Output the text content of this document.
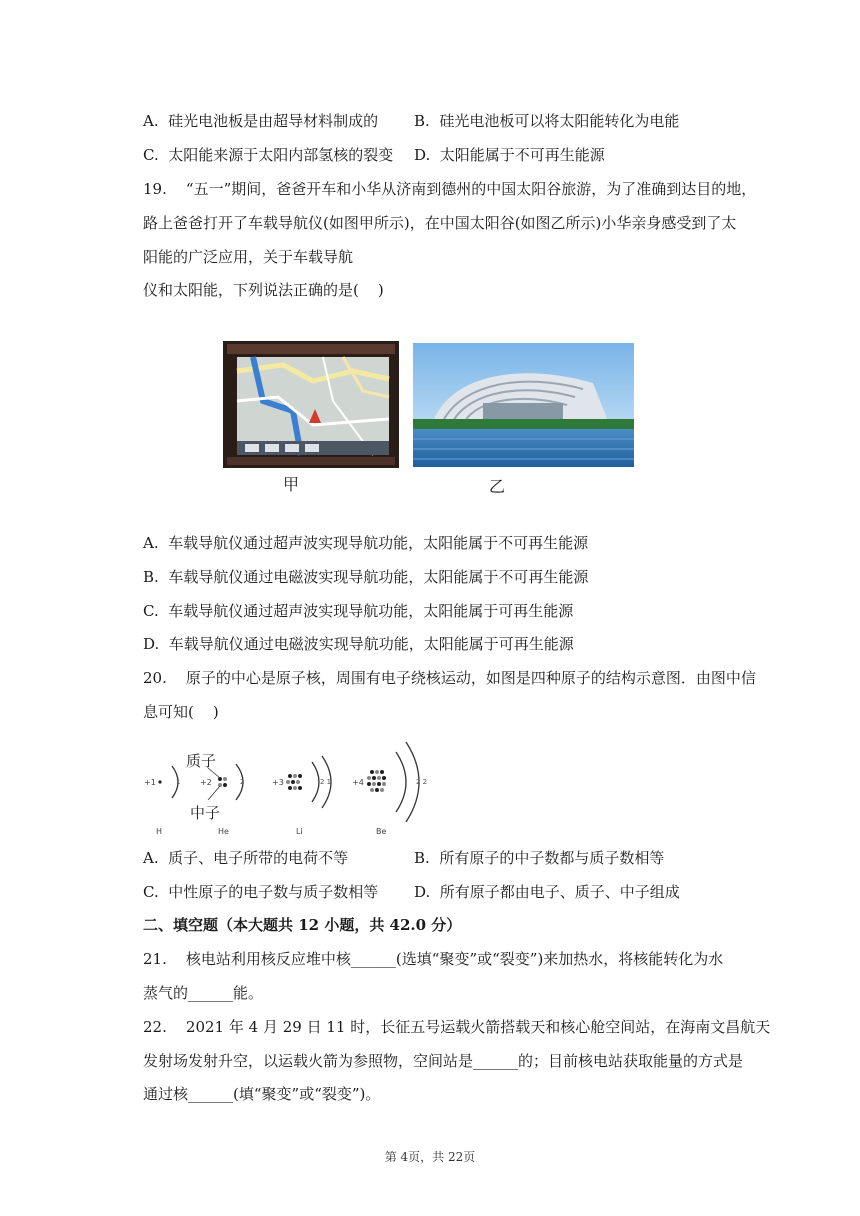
A.  硅光电池板是由超导材料制成的 B.  硅光电池板可以将太阳能转化为电能
C.  太阳能来源于太阳内部氢核的裂变 D.  太阳能属于不可再生能源
19.    “五一”期间，爸爸开车和小华从济南到德州的中国太阳谷旅游，为了准确到达目的地，
路上爸爸打开了车载导航仪(如图甲所示)，在中国太阳谷(如图乙所示)小华亲身感受到了太
阳能的广泛应用，关于车载导航
仪和太阳能，下列说法正确的是(    )
甲	乙
A.  车载导航仪通过超声波实现导航功能，太阳能属于不可再生能源
B.  车载导航仪通过电磁波实现导航功能，太阳能属于不可再生能源
C.  车载导航仪通过超声波实现导航功能，太阳能属于可再生能源
D.  车载导航仪通过电磁波实现导航功能，太阳能属于可再生能源
20.    原子的中心是原子核，周围有电子绕核运动，如图是四种原子的结构示意图．由图中信
息可知(    )
+1	1
H
+2	2
He
+3	2 1
Li
+4	2 2
Be
质子
中子
A.  质子、电子所带的电荷不等	B.  所有原子的中子数都与质子数相等
C.  中性原子的电子数与质子数相等 D.  所有原子都由电子、质子、中子组成
二、填空题（本大题共 12 小题，共 42.0 分）
21.    核电站利用核反应堆中核______(选填“聚变”或“裂变”)来加热水，将核能转化为水
蒸气的______能。
22.    2021 年 4 月 29 日 11 时，长征五号运载火箭搭载天和核心舱空间站，在海南文昌航天
发射场发射升空，以运载火箭为参照物，空间站是______的；目前核电站获取能量的方式是
通过核______(填“聚变”或“裂变”)。
第 4页，共 22页
